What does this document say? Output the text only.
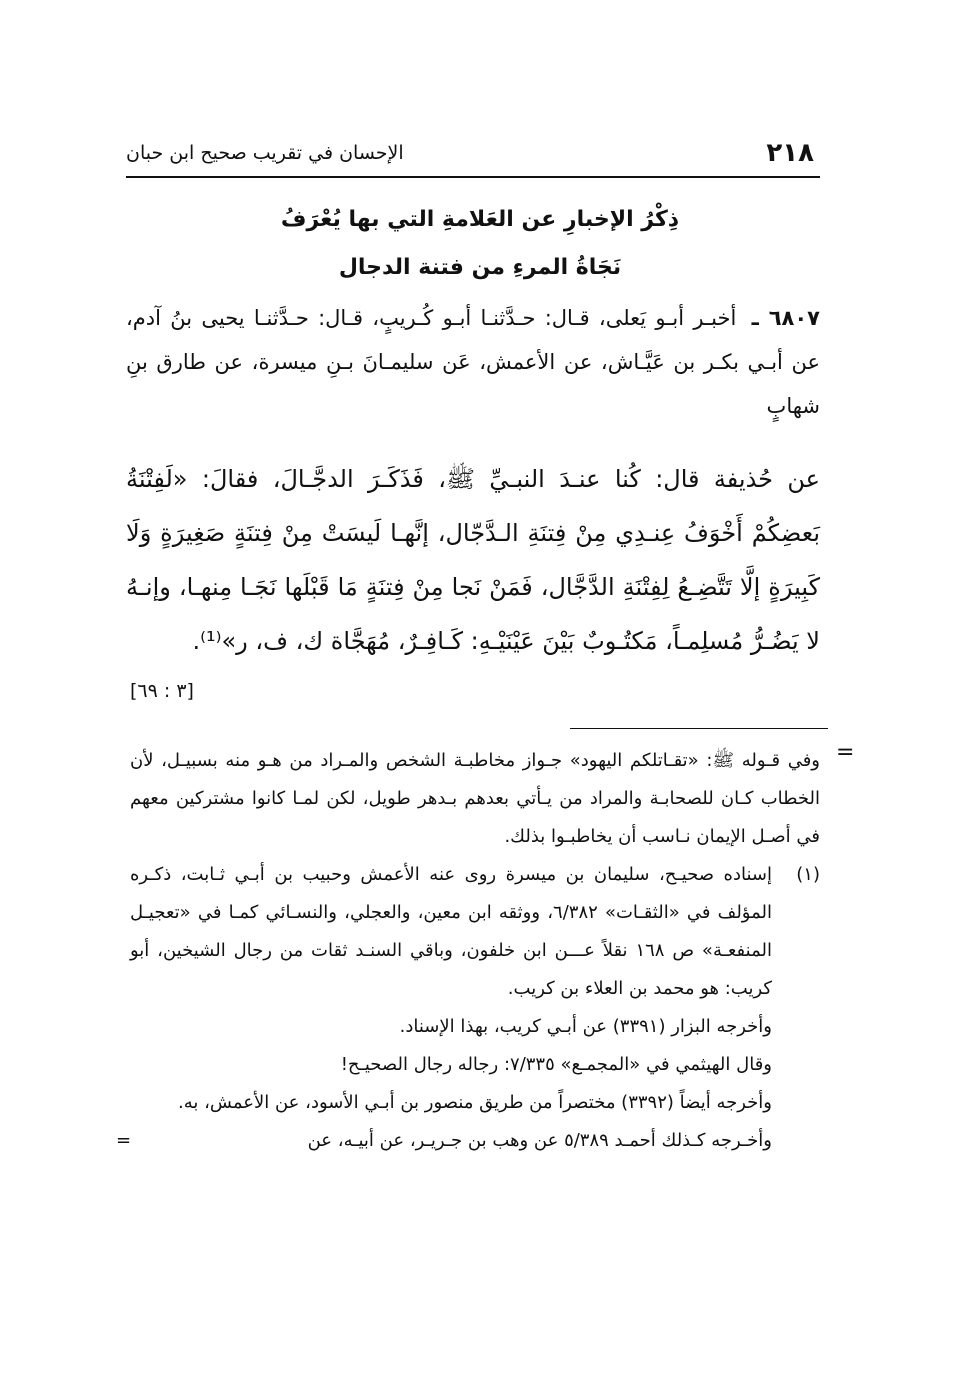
٢١٨
الإحسان في تقريب صحيح ابن حبان
ذِكْرُ الإخبارِ عن العَلامةِ التي بها يُعْرَفُ
نَجَاةُ المرءِ من فتنة الدجال
٦٨٠٧ ـ أخبـر أبـو يَعلى، قـال: حـدَّثنـا أبـو كُـريبٍ، قـال: حـدَّثنـا يحيى بنُ آدم، عن أبـي بكـر بن عَيَّـاش، عن الأعمش، عَن سليمـانَ بـنِ ميسرة، عن طارق بنِ شهابٍ
عن حُذيفة قال: كُنا عنـدَ النبـيِّ ﷺ، فَذَكَـرَ الدجَّـالَ، فقالَ: «لَفِتْنَةُ بَعضِكُمْ أَخْوَفُ عِنـدِي مِنْ فِتنَةِ الـدَّجّال، إنَّهـا لَيسَتْ مِنْ فِتنَةٍ صَغِيرَةٍ وَلَا كَبِيرَةٍ إلَّا تَتَّضِـعُ لِفِتْنَةِ الدَّجَّال، فَمَنْ نَجا مِنْ فِتنَةٍ مَا قَبْلَها نَجَـا مِنهـا، وإنـهُ لا يَضُـرُّ مُسلِمـاً، مَكتُـوبٌ بَيْنَ عَيْنَيْـهِ: كَـافِـرٌ، مُهَجَّاة ك، ف، ر»⁽¹⁾.
[٣ : ٦٩]
=

وفي قـوله ﷺ: «تقـاتلكم اليهود» جـواز مخاطبـة الشخص والمـراد من هـو منه بسبيـل، لأن الخطاب كـان للصحابـة والمراد من يـأتي بعدهم بـدهر طويل، لكن لمـا كانوا مشتركين معهم في أصـل الإيمان نـاسب أن يخاطبـوا بذلك.

(١)

إسناده صحيـح، سليمان بن ميسرة روى عنه الأعمش وحبيب بن أبـي ثـابت، ذكـره المؤلف في «الثقـات» ٦/٣٨٢، ووثقه ابن معين، والعجلي، والنسـائي كمـا في «تعجيـل المنفعـة» ص ١٦٨ نقلاً عـــن ابن خلفون، وباقي السنـد ثقات من رجال الشيخين، أبو كريب: هو محمد بن العلاء بن كريب.

وأخرجه البزار (٣٣٩١) عن أبـي كريب، بهذا الإسناد.

وقال الهيثمي في «المجمـع» ٧/٣٣٥: رجاله رجال الصحيـح!

وأخرجه أيضاً (٣٣٩٢) مختصراً من طريق منصور بن أبـي الأسود، عن الأعمش، به.

وأخـرجه كـذلك أحمـد ٥/٣٨٩ عن وهب بن جـريـر، عن أبيـه، عن
=
